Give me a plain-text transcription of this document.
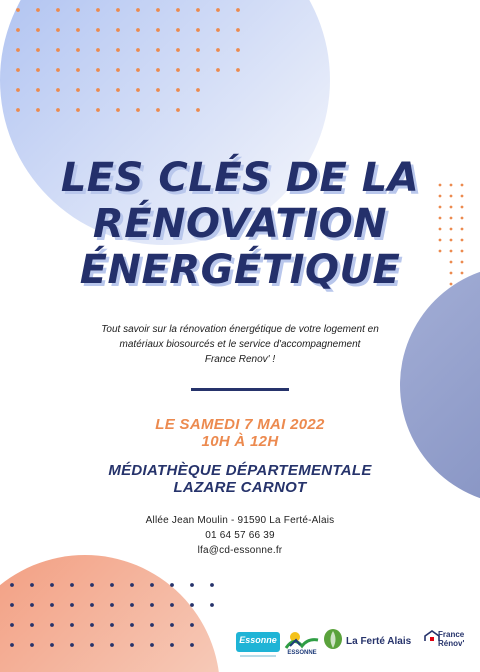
LES CLÉS DE LA
RÉNOVATION
ÉNERGÉTIQUE
Tout savoir sur la rénovation énergétique de votre logement en
matériaux biosourcés et le service d'accompagnement
France Renov' !
LE SAMEDI 7 MAI 2022
10H À 12H
MÉDIATHÈQUE DÉPARTEMENTALE
LAZARE CARNOT
Allée Jean Moulin - 91590 La Ferté-Alais
01 64 57 66 39
lfa@cd-essonne.fr
Essonne
ESSONNE
La Ferté Alais
France
Rénov'
